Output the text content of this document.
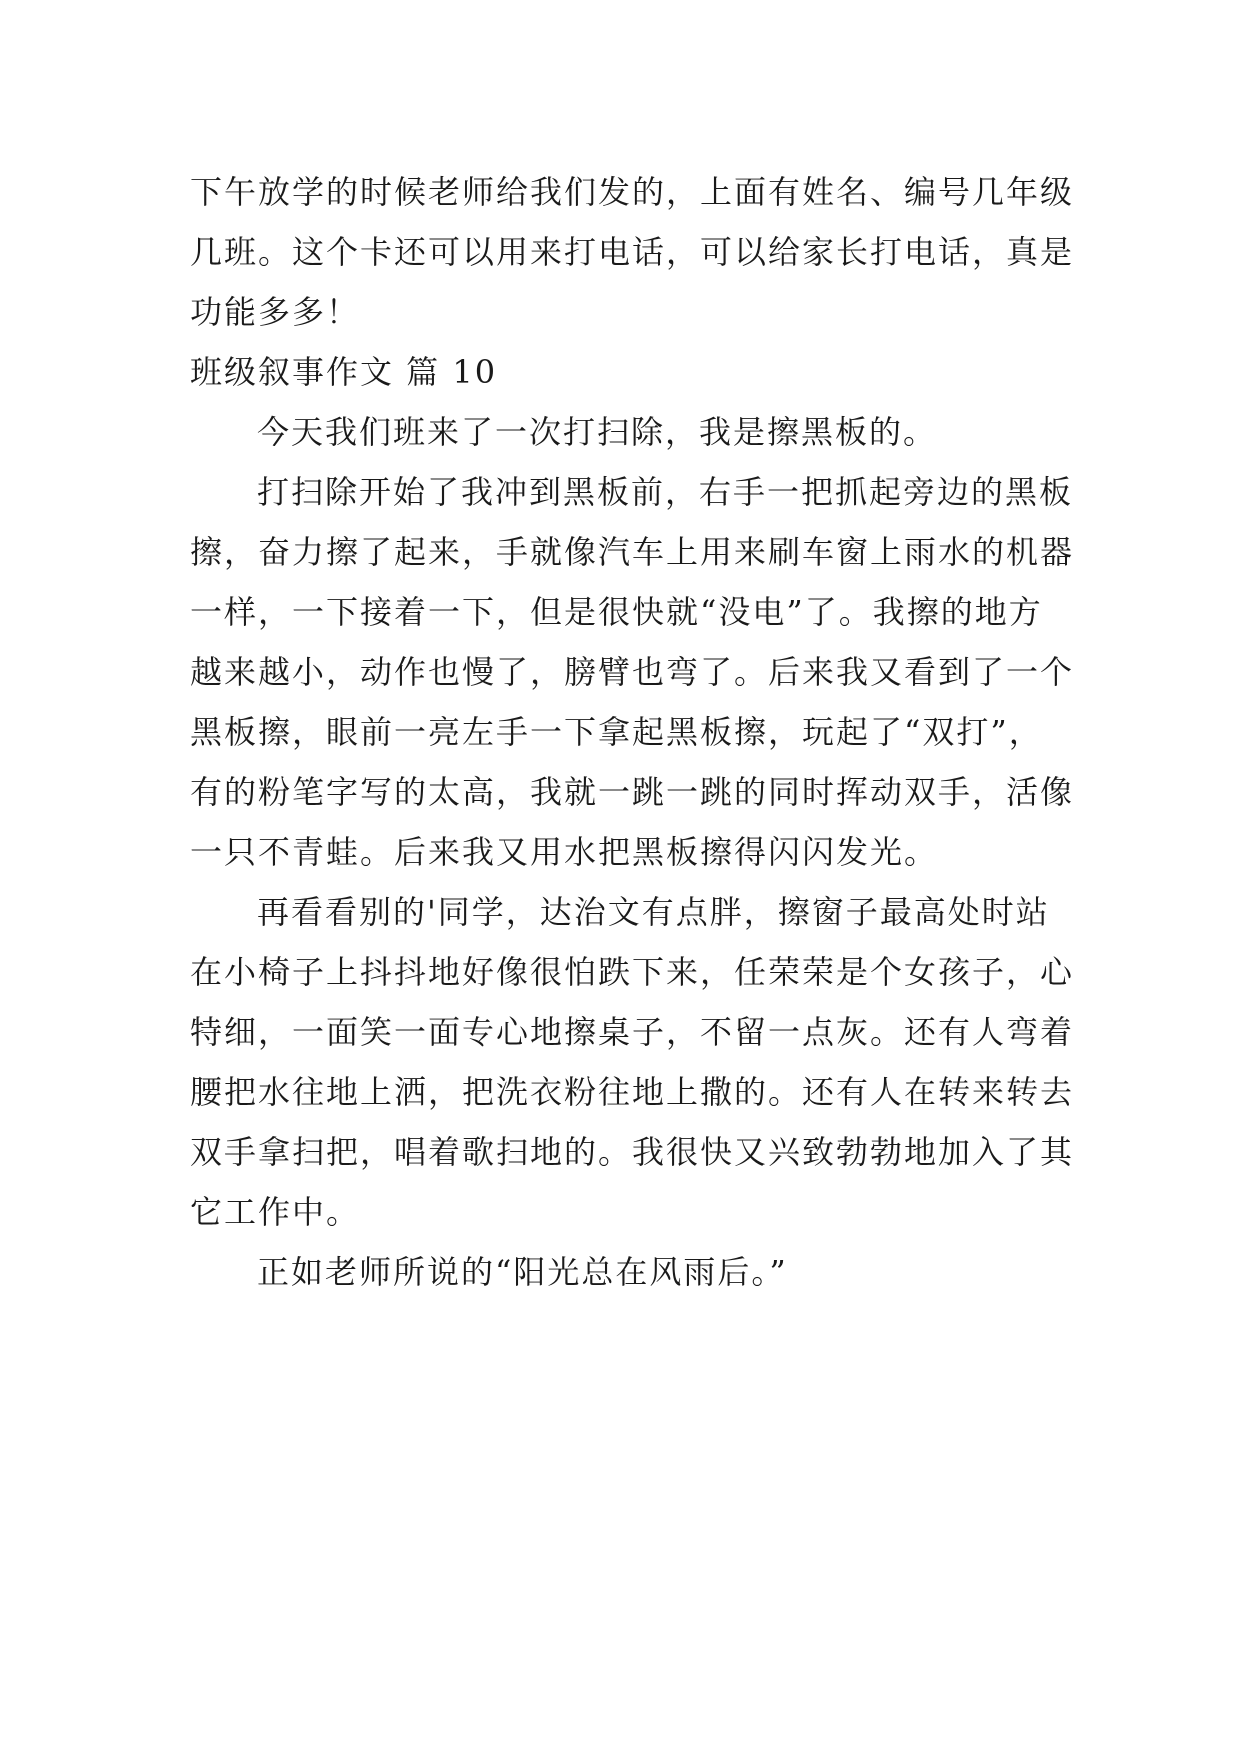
下午放学的时候老师给我们发的，上面有姓名、编号几年级
几班。这个卡还可以用来打电话，可以给家长打电话，真是
功能多多！
班级叙事作文 篇 10
今天我们班来了一次打扫除，我是擦黑板的。
打扫除开始了我冲到黑板前，右手一把抓起旁边的黑板
擦，奋力擦了起来，手就像汽车上用来刷车窗上雨水的机器
一样，一下接着一下，但是很快就“没电”了。我擦的地方
越来越小，动作也慢了，膀臂也弯了。后来我又看到了一个
黑板擦，眼前一亮左手一下拿起黑板擦，玩起了“双打”，
有的粉笔字写的太高，我就一跳一跳的同时挥动双手，活像
一只不青蛙。后来我又用水把黑板擦得闪闪发光。
再看看别的'同学，达治文有点胖，擦窗子最高处时站
在小椅子上抖抖地好像很怕跌下来，任荣荣是个女孩子，心
特细，一面笑一面专心地擦桌子，不留一点灰。还有人弯着
腰把水往地上洒，把洗衣粉往地上撒的。还有人在转来转去
双手拿扫把，唱着歌扫地的。我很快又兴致勃勃地加入了其
它工作中。
正如老师所说的“阳光总在风雨后。”
